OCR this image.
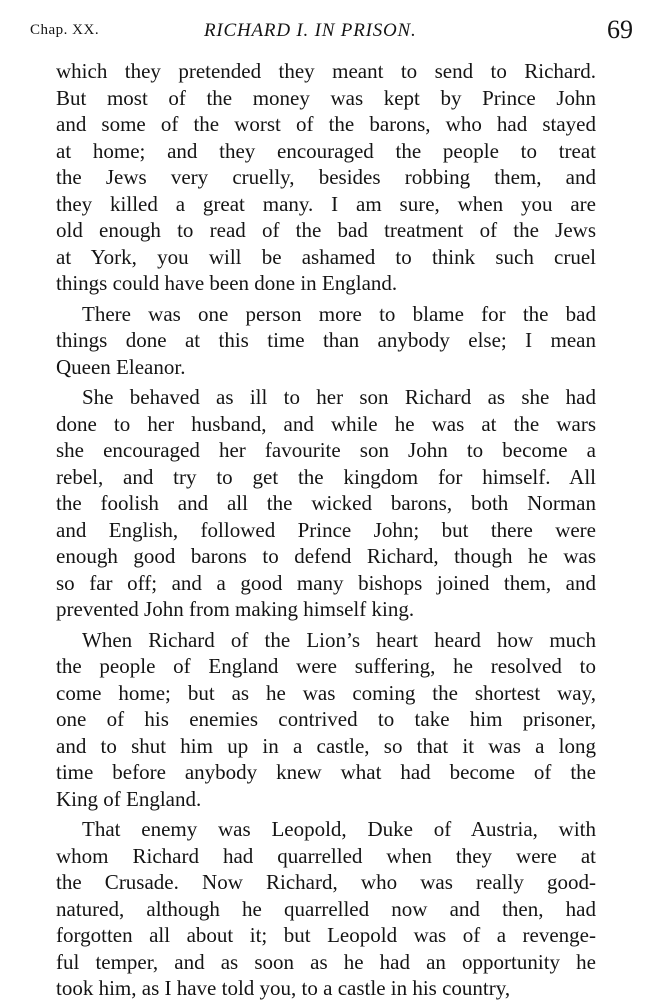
Chap. XX.	RICHARD I. IN PRISON.	69
which they pretended they meant to send to Richard.
But most of the money was kept by Prince John
and some of the worst of the barons, who had stayed
at home; and they encouraged the people to treat
the Jews very cruelly, besides robbing them, and
they killed a great many. I am sure, when you are
old enough to read of the bad treatment of the Jews
at York, you will be ashamed to think such cruel
things could have been done in England.
There was one person more to blame for the bad
things done at this time than anybody else; I mean
Queen Eleanor.
She behaved as ill to her son Richard as she had
done to her husband, and while he was at the wars
she encouraged her favourite son John to become a
rebel, and try to get the kingdom for himself. All
the foolish and all the wicked barons, both Norman
and English, followed Prince John; but there were
enough good barons to defend Richard, though he was
so far off; and a good many bishops joined them, and
prevented John from making himself king.
When Richard of the Lion’s heart heard how much
the people of England were suffering, he resolved to
come home; but as he was coming the shortest way,
one of his enemies contrived to take him prisoner,
and to shut him up in a castle, so that it was a long
time before anybody knew what had become of the
King of England.
That enemy was Leopold, Duke of Austria, with
whom Richard had quarrelled when they were at
the Crusade. Now Richard, who was really good-
natured, although he quarrelled now and then, had
forgotten all about it; but Leopold was of a revenge-
ful temper, and as soon as he had an opportunity he
took him, as I have told you, to a castle in his country,
